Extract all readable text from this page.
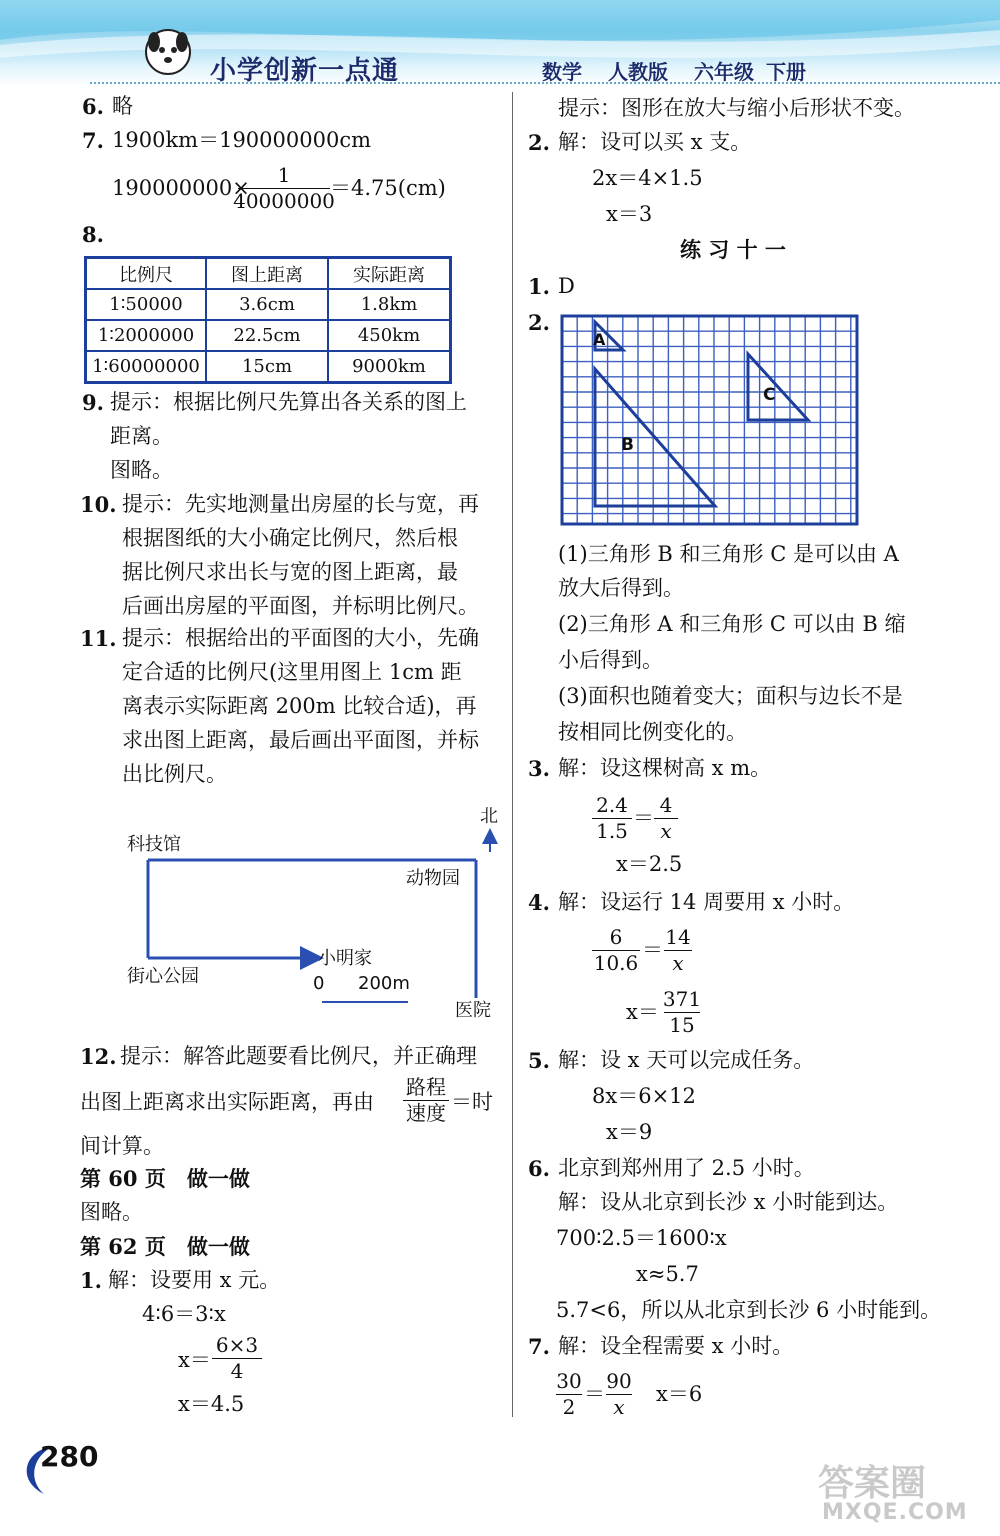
小学创新一点通	数学 人教版 六年级 下册
6. 略
7. 1900km＝190000000cm
190000000×
1
40000000
＝4.75(cm)
8.
比例尺	图上距离	实际距离
1∶50000	3.6cm	1.8km
1∶2000000	22.5cm	450km
1∶60000000	15cm	9000km
9. 提示：根据比例尺先算出各关系的图上
距离。
图略。
10. 提示：先实地测量出房屋的长与宽，再
根据图纸的大小确定比例尺，然后根
据比例尺求出长与宽的图上距离，最
后画出房屋的平面图，并标明比例尺。
11. 提示：根据给出的平面图的大小，先确
定合适的比例尺(这里用图上 1cm 距
离表示实际距离 200m 比较合适)，再
求出图上距离，最后画出平面图，并标
出比例尺。
北
科技馆
动物园
街心公园
小明家
医院
0 200m
12. 提示：解答此题要看比例尺，并正确理
出图上距离求出实际距离，再由
路程
速度 ＝时
间计算。
第 60 页　做一做
图略。
第 62 页　做一做
1. 解：设要用 x 元。
4∶6＝3∶x
x＝
6×3
4
x＝4.5
提示：图形在放大与缩小后形状不变。
2. 解：设可以买 x 支。
2x＝4×1.5
x＝3
练 习 十 一
1. D
2.
A
B
C
(1)三角形 B 和三角形 C 是可以由 A
放大后得到。
(2)三角形 A 和三角形 C 可以由 B 缩
小后得到。
(3)面积也随着变大；面积与边长不是
按相同比例变化的。
3. 解：设这棵树高 x m。
2.4
1.5
＝
4
x
x＝2.5
4. 解：设运行 14 周要用 x 小时。
6
10.6
＝
14
x
x＝
371
15
5. 解：设 x 天可以完成任务。
8x＝6×12
x＝9
6. 北京到郑州用了 2.5 小时。
解：设从北京到长沙 x 小时能到达。
700∶2.5＝1600∶x
x≈5.7
5.7<6，所以从北京到长沙 6 小时能到。
7. 解：设全程需要 x 小时。
30
2
＝
90
x
x＝6
280
答案圈
MXQE.COM
